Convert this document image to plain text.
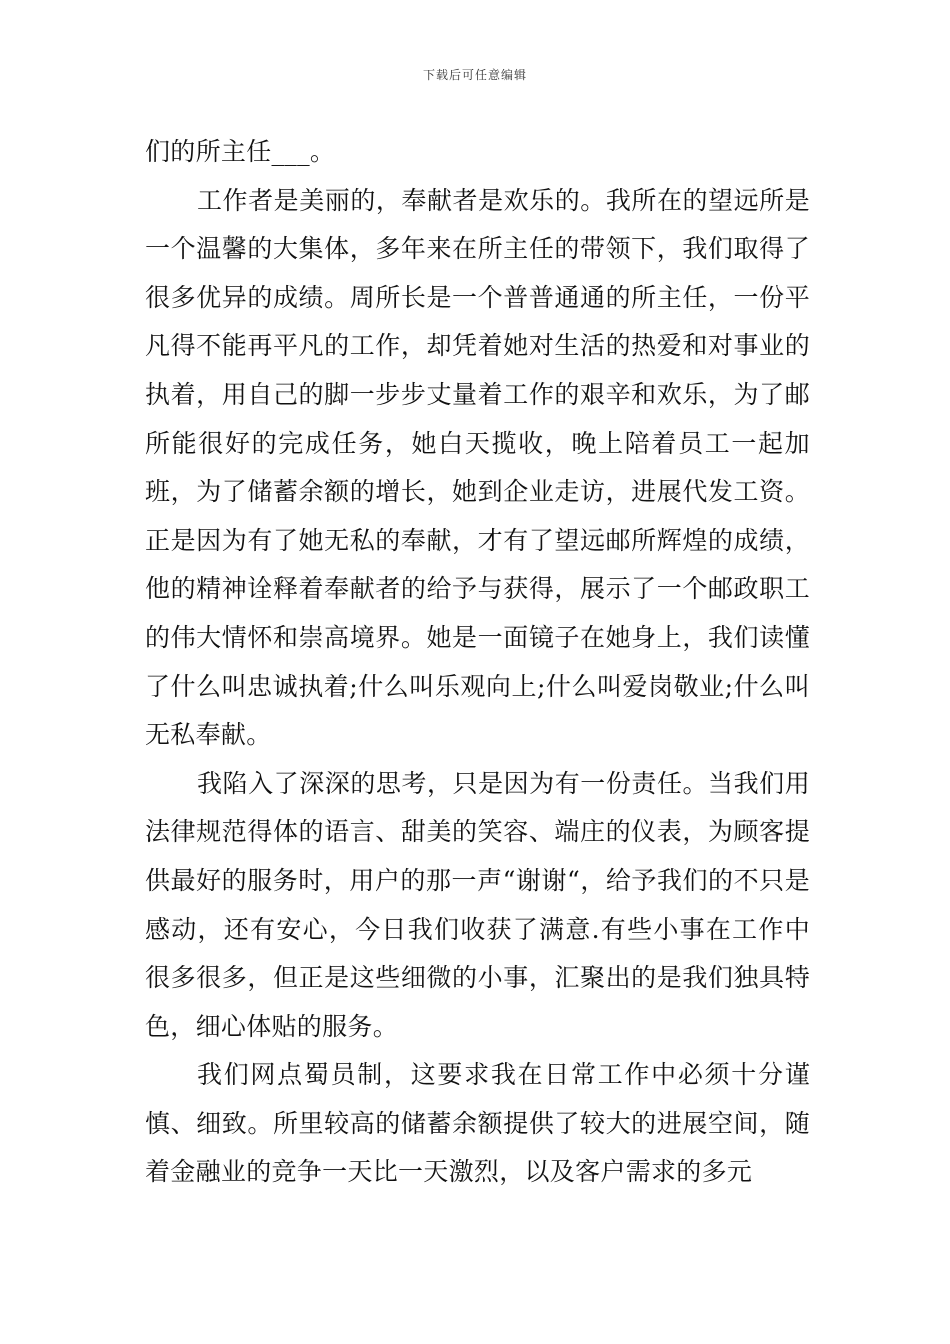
下载后可任意编辑

们的所主任___。

工作者是美丽的，奉献者是欢乐的。我所在的望远所是一个温馨的大集体，多年来在所主任的带领下，我们取得了很多优异的成绩。周所长是一个普普通通的所主任，一份平凡得不能再平凡的工作，却凭着她对生活的热爱和对事业的执着，用自己的脚一步步丈量着工作的艰辛和欢乐，为了邮所能很好的完成任务，她白天揽收，晚上陪着员工一起加班，为了储蓄余额的增长，她到企业走访，进展代发工资。正是因为有了她无私的奉献，才有了望远邮所辉煌的成绩，他的精神诠释着奉献者的给予与获得，展示了一个邮政职工的伟大情怀和崇高境界。她是一面镜子在她身上，我们读懂了什么叫忠诚执着;什么叫乐观向上;什么叫爱岗敬业;什么叫无私奉献。

我陷入了深深的思考，只是因为有一份责任。当我们用法律规范得体的语言、甜美的笑容、端庄的仪表，为顾客提供最好的服务时，用户的那一声“谢谢“，给予我们的不只是感动，还有安心，今日我们收获了满意.有些小事在工作中很多很多，但正是这些细微的小事，汇聚出的是我们独具特色，细心体贴的服务。

我们网点蜀员制，这要求我在日常工作中必须十分谨慎、细致。所里较高的储蓄余额提供了较大的进展空间，随着金融业的竞争一天比一天激烈，以及客户需求的多元
